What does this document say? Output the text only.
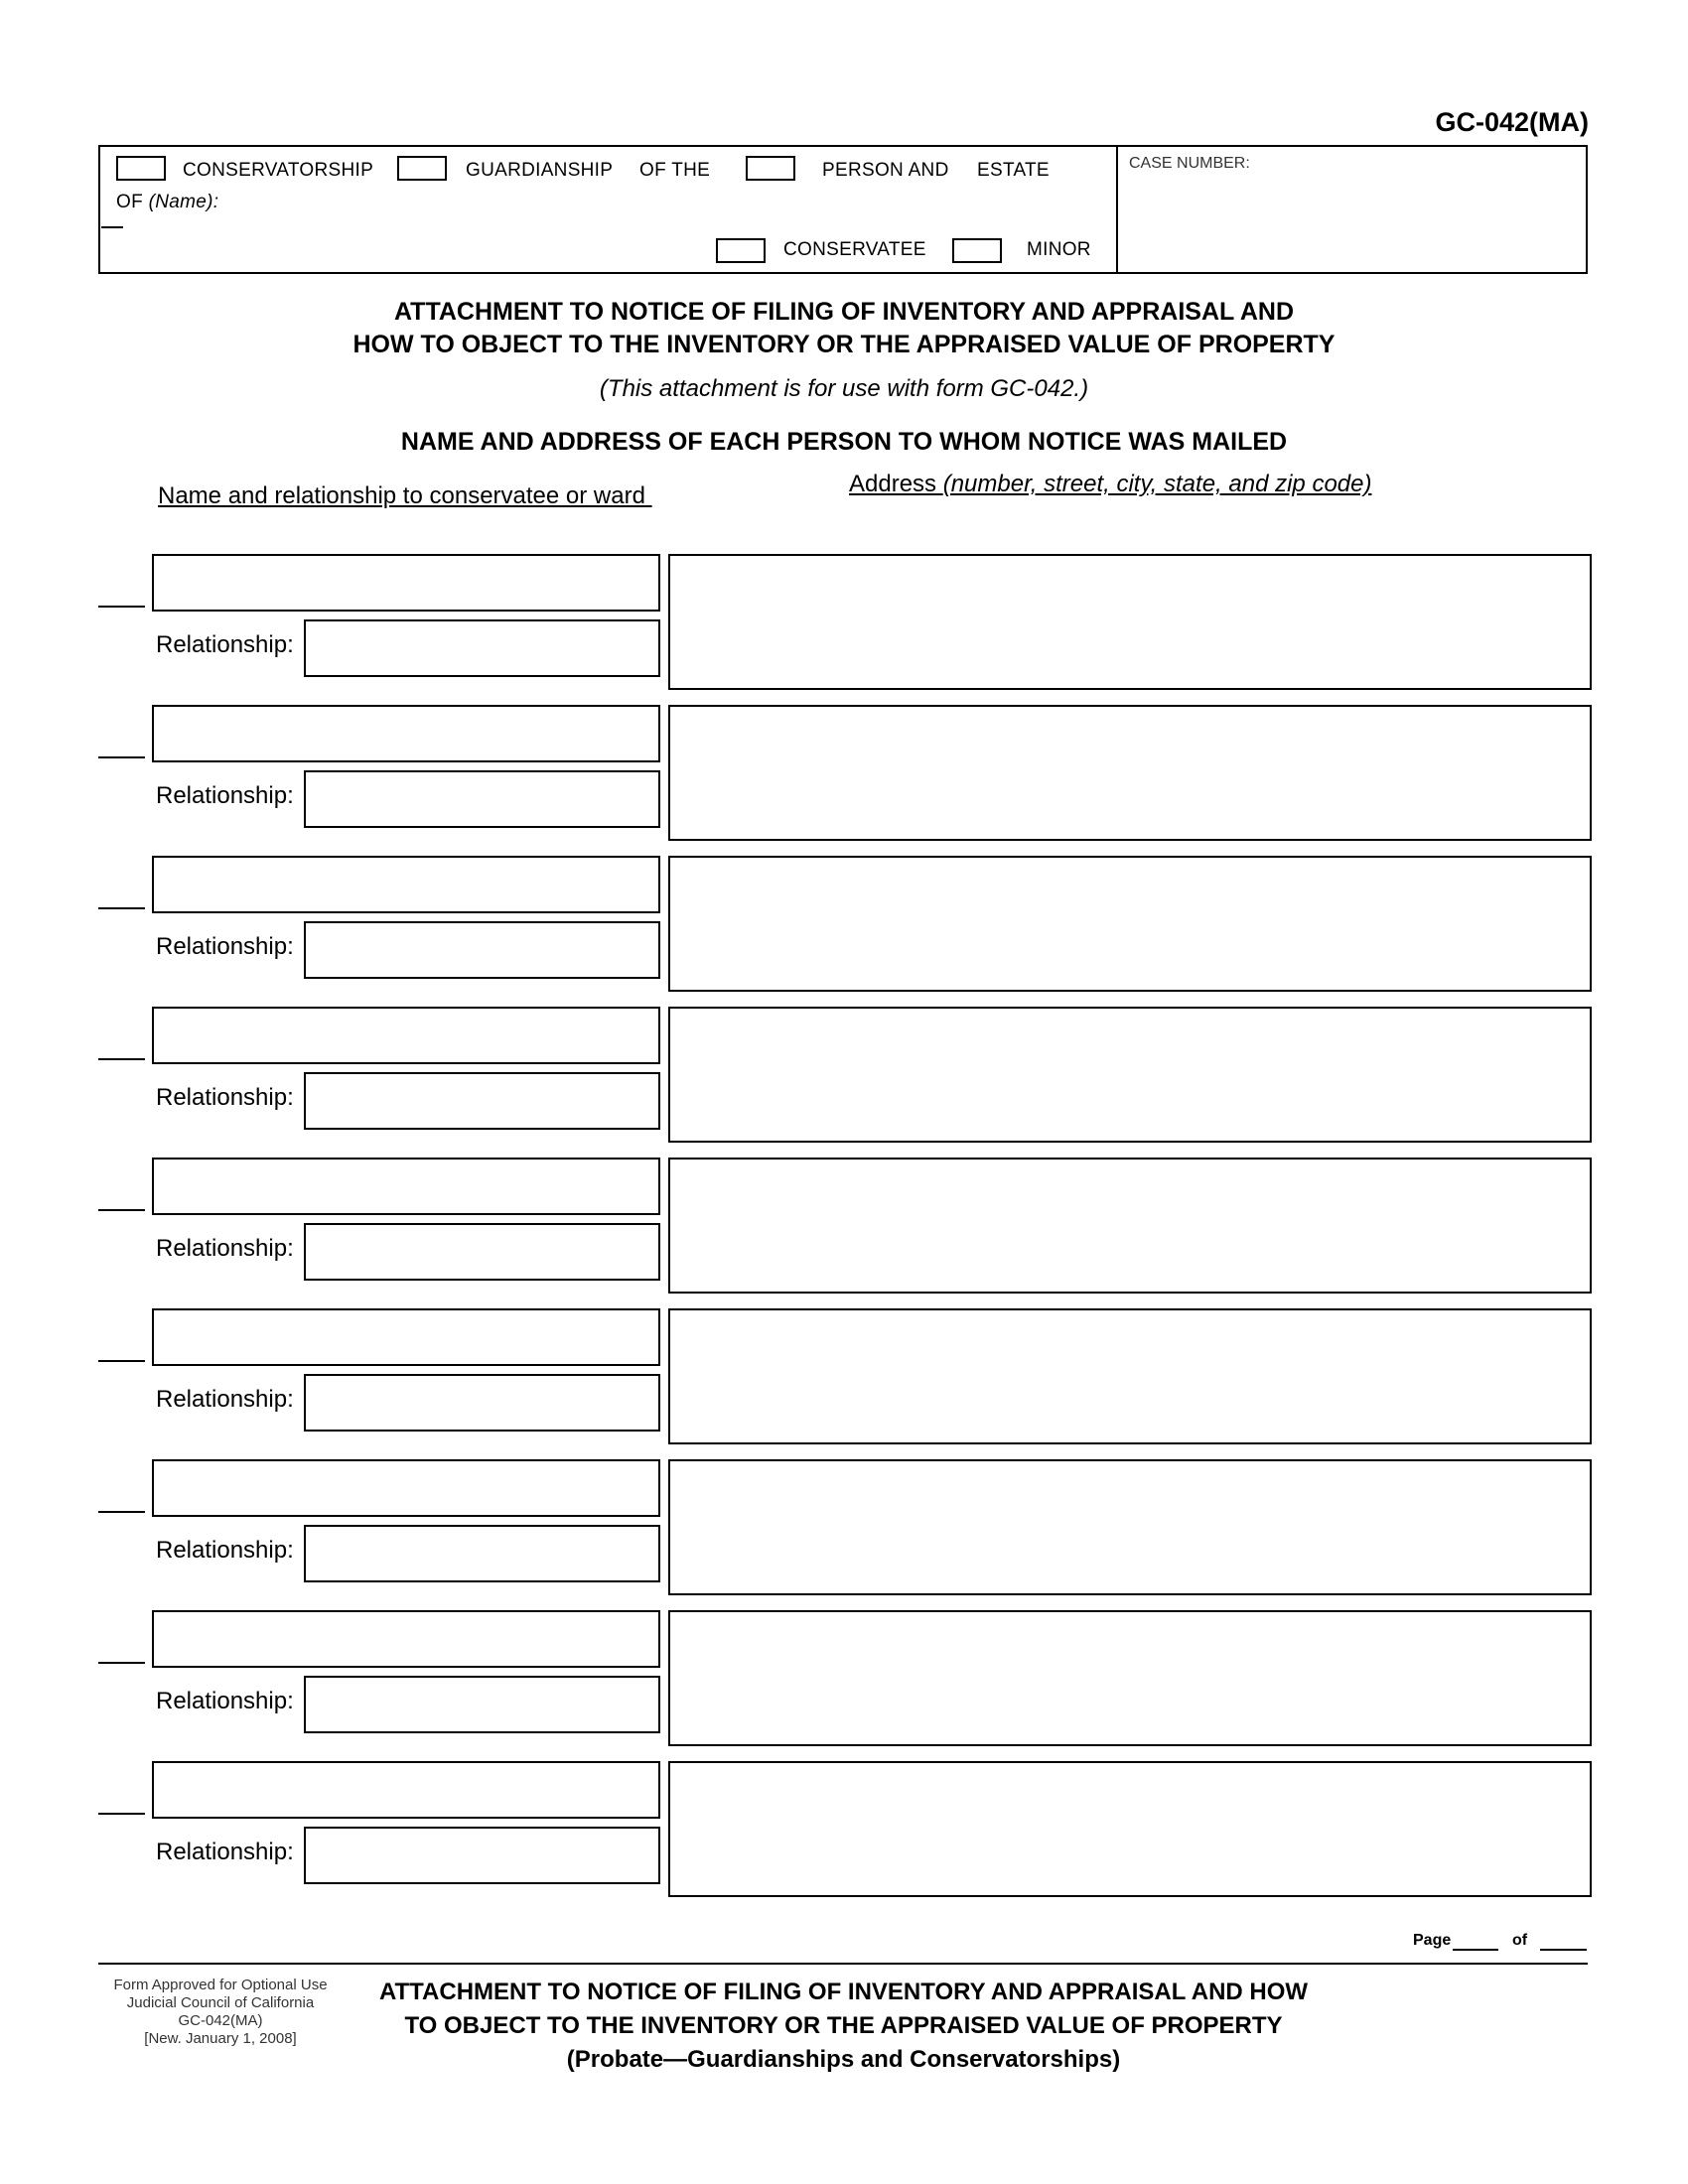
GC-042(MA)
CONSERVATORSHIP	GUARDIANSHIP OF THE	PERSON AND ESTATE
OF (Name):
CONSERVATEE	MINOR
CASE NUMBER:
ATTACHMENT TO NOTICE OF FILING OF INVENTORY AND APPRAISAL AND
HOW TO OBJECT TO THE INVENTORY OR THE APPRAISED VALUE OF PROPERTY
(This attachment is for use with form GC-042.)
NAME AND ADDRESS OF EACH PERSON TO WHOM NOTICE WAS MAILED
Name and relationship to conservatee or ward	Address (number, street, city, state, and zip code)
Relationship:
Relationship:
Relationship:
Relationship:
Relationship:
Relationship:
Relationship:
Relationship:
Relationship:
Page	of
Form Approved for Optional Use
Judicial Council of California
GC-042(MA)
[New. January 1, 2008]
ATTACHMENT TO NOTICE OF FILING OF INVENTORY AND APPRAISAL AND HOW
TO OBJECT TO THE INVENTORY OR THE APPRAISED VALUE OF PROPERTY
(Probate—Guardianships and Conservatorships)
